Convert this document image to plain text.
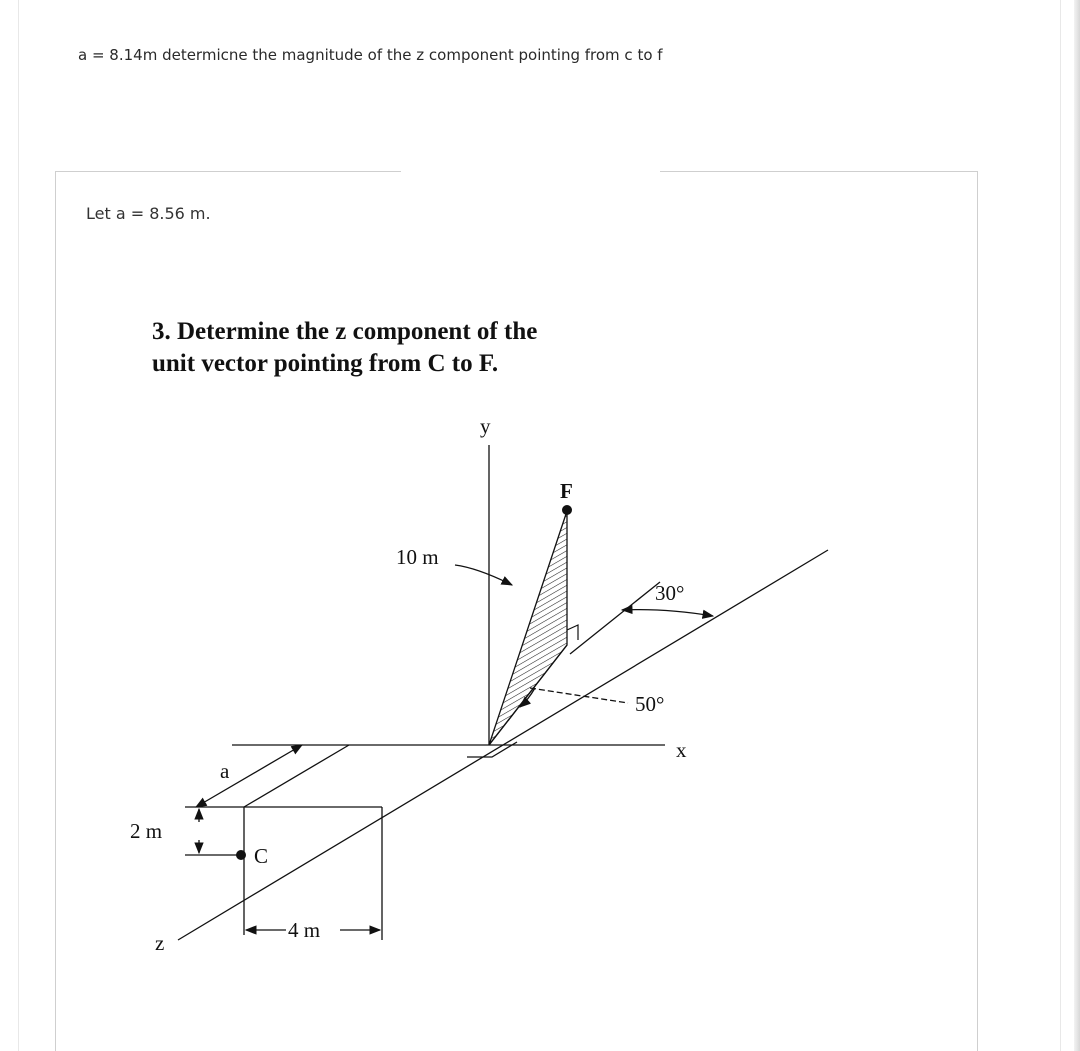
a = 8.14m determicne the magnitude of the z component pointing from c to f
Let a = 8.56 m.
3. Determine the z component of the
unit vector pointing from C to F.
y
x
z
F
C
10 m
30°
50°
a
2 m
4 m
